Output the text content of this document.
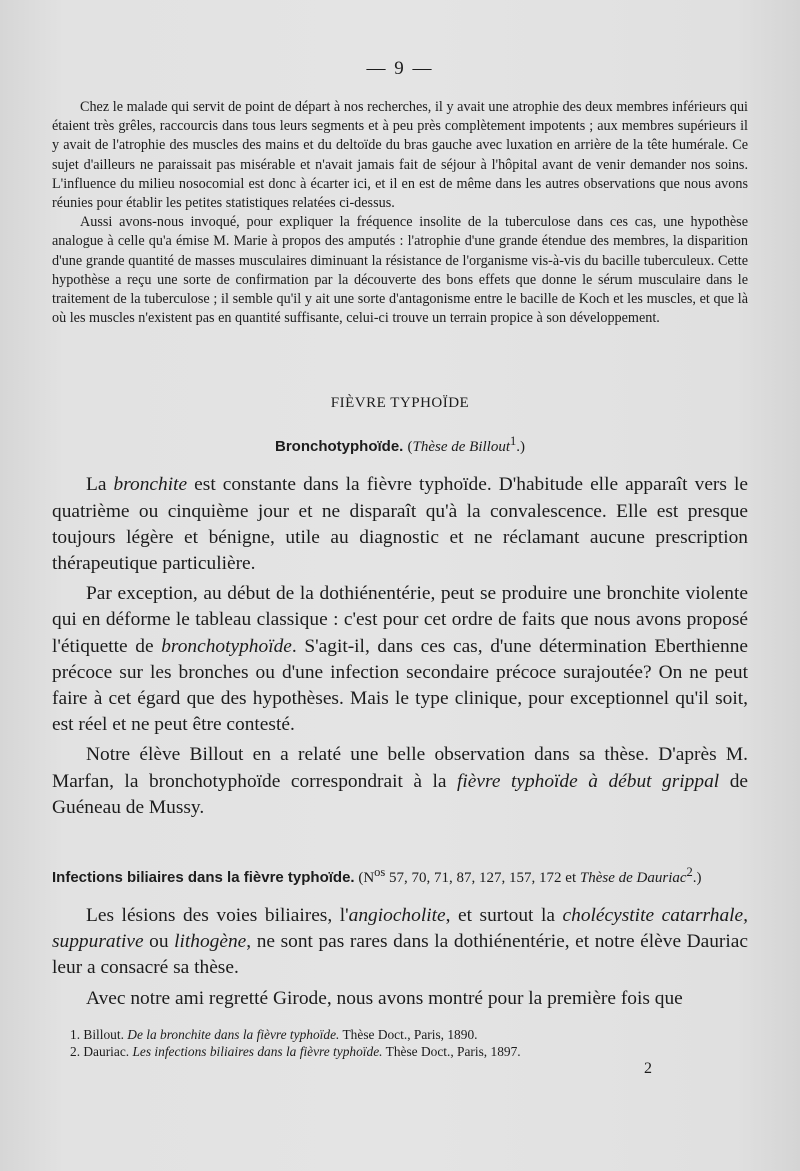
— 9 —

Chez le malade qui servit de point de départ à nos recherches, il y avait une atrophie des deux membres inférieurs qui étaient très grêles, raccourcis dans tous leurs segments et à peu près complètement impotents ; aux membres supérieurs il y avait de l'atrophie des muscles des mains et du deltoïde du bras gauche avec luxation en arrière de la tête humérale. Ce sujet d'ailleurs ne paraissait pas misérable et n'avait jamais fait de séjour à l'hôpital avant de venir demander nos soins. L'influence du milieu nosocomial est donc à écarter ici, et il en est de même dans les autres observations que nous avons réunies pour établir les petites statistiques relatées ci-dessus.

Aussi avons-nous invoqué, pour expliquer la fréquence insolite de la tuberculose dans ces cas, une hypothèse analogue à celle qu'a émise M. Marie à propos des amputés : l'atrophie d'une grande étendue des membres, la disparition d'une grande quantité de masses musculaires diminuant la résistance de l'organisme vis-à-vis du bacille tuberculeux. Cette hypothèse a reçu une sorte de confirmation par la découverte des bons effets que donne le sérum musculaire dans le traitement de la tuberculose ; il semble qu'il y ait une sorte d'antagonisme entre le bacille de Koch et les muscles, et que là où les muscles n'existent pas en quantité suffisante, celui-ci trouve un terrain propice à son développement.

FIÈVRE TYPHOÏDE
Bronchotyphoïde. (Thèse de Billout$^1$.)

La bronchite est constante dans la fièvre typhoïde. D'habitude elle apparaît vers le quatrième ou cinquième jour et ne disparaît qu'à la convalescence. Elle est presque toujours légère et bénigne, utile au diagnostic et ne réclamant aucune prescription thérapeutique particulière.

Par exception, au début de la dothiénentérie, peut se produire une bronchite violente qui en déforme le tableau classique : c'est pour cet ordre de faits que nous avons proposé l'étiquette de bronchotyphoïde. S'agit-il, dans ces cas, d'une détermination Eberthienne précoce sur les bronches ou d'une infection secondaire précoce surajoutée? On ne peut faire à cet égard que des hypothèses. Mais le type clinique, pour exceptionnel qu'il soit, est réel et ne peut être contesté.

Notre élève Billout en a relaté une belle observation dans sa thèse. D'après M. Marfan, la bronchotyphoïde correspondrait à la fièvre typhoïde à début grippal de Guéneau de Mussy.

Infections biliaires dans la fièvre typhoïde. ($N^{os}$ 57, 70, 71, 87, 127, 157, 172 et Thèse de Dauriac$^2$.)

Les lésions des voies biliaires, l'angiocholite, et surtout la cholécystite catarrhale, suppurative ou lithogène, ne sont pas rares dans la dothiénentérie, et notre élève Dauriac leur a consacré sa thèse.

Avec notre ami regretté Girode, nous avons montré pour la première fois que

1. Billout. De la bronchite dans la fièvre typhoïde. Thèse Doct., Paris, 1890.
2. Dauriac. Les infections biliaires dans la fièvre typhoïde. Thèse Doct., Paris, 1897.
2
